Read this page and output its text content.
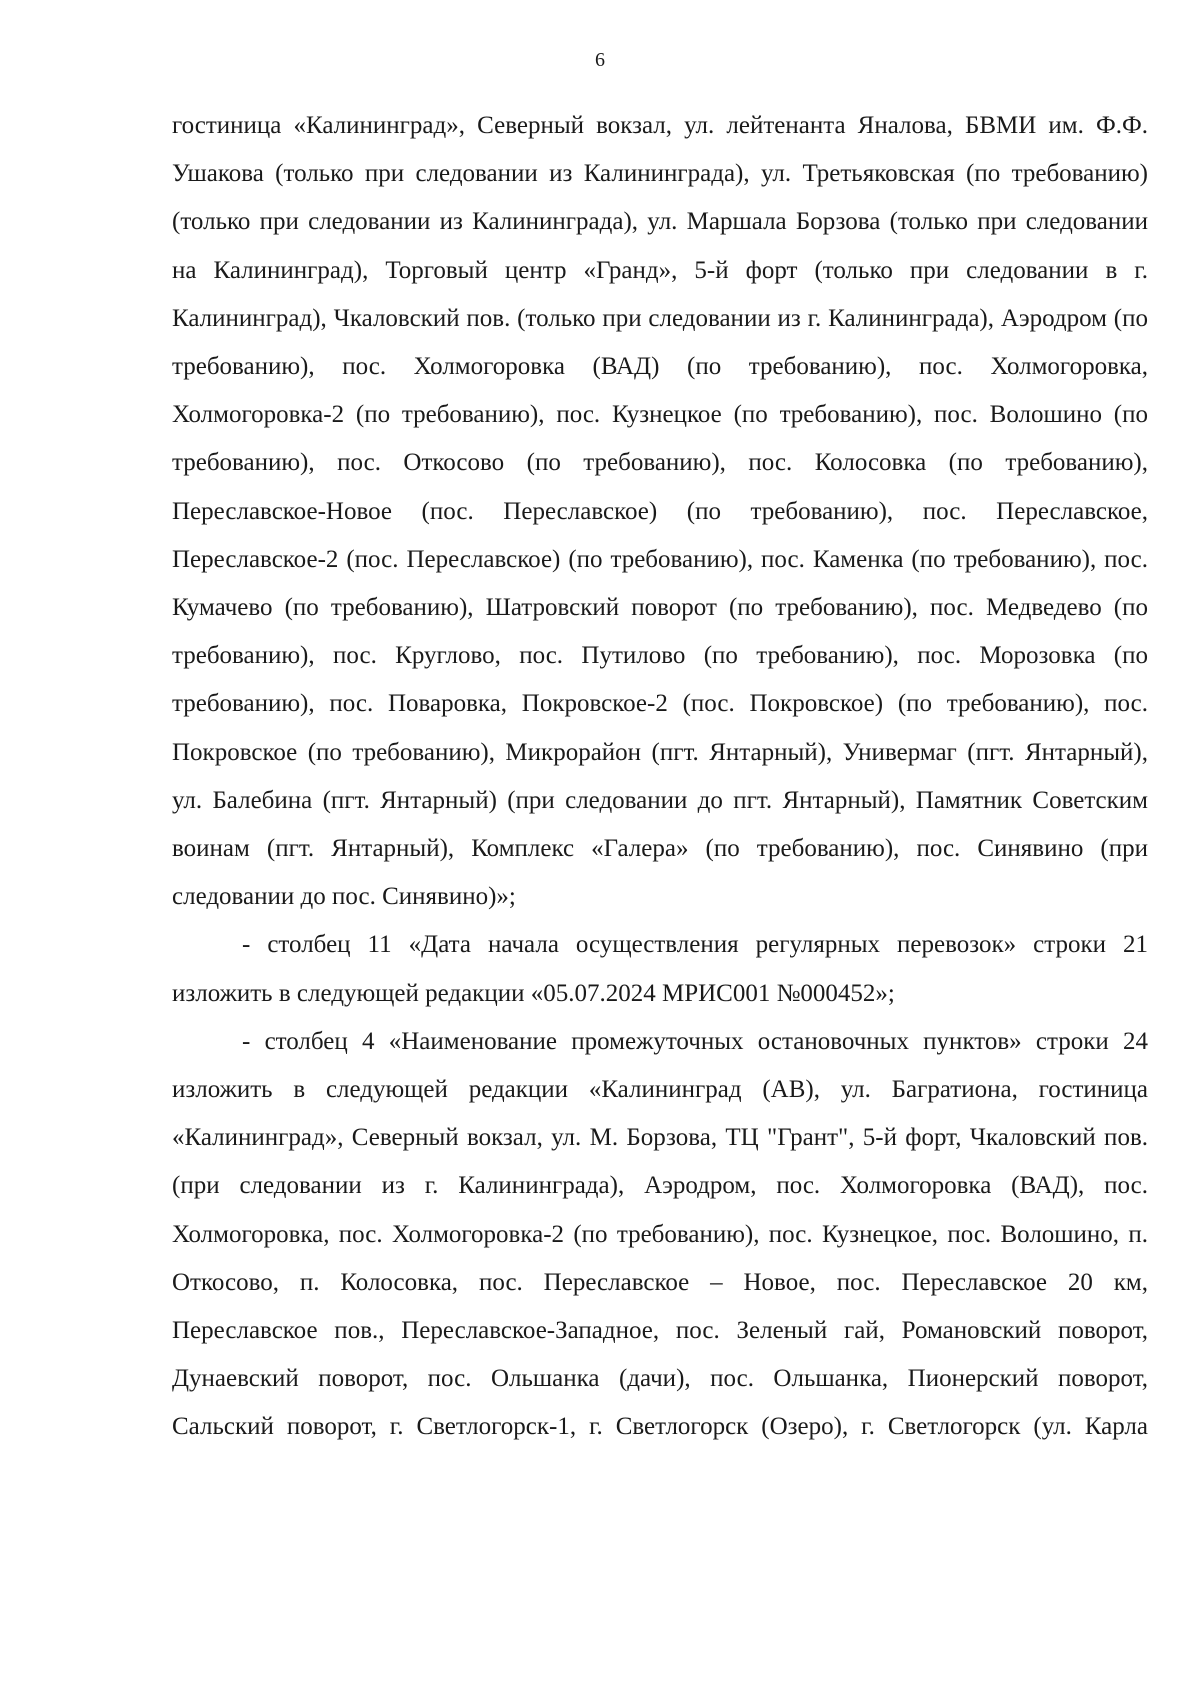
6

гостиница «Калининград», Северный вокзал, ул. лейтенанта Яналова, БВМИ им. Ф.Ф. Ушакова (только при следовании из Калининграда), ул. Третьяковская (по требованию) (только при следовании из Калининграда), ул. Маршала Борзова (только при следовании на Калининград), Торговый центр «Гранд», 5-й форт (только при следовании в г. Калининград), Чкаловский пов. (только при следовании из г. Калининграда), Аэродром (по требованию), пос. Холмогоровка (ВАД) (по требованию), пос. Холмогоровка, Холмогоровка-2 (по требованию), пос. Кузнецкое (по требованию), пос. Волошино (по требованию), пос. Откосово (по требованию), пос. Колосовка (по требованию), Переславское-Новое (пос. Переславское) (по требованию), пос. Переславское, Переславское-2 (пос. Переславское) (по требованию), пос. Каменка (по требованию), пос. Кумачево (по требованию), Шатровский поворот (по требованию), пос. Медведево (по требованию), пос. Круглово, пос. Путилово (по требованию), пос. Морозовка (по требованию), пос. Поваровка, Покровское-2 (пос. Покровское) (по требованию), пос. Покровское (по требованию), Микрорайон (пгт. Янтарный), Универмаг (пгт. Янтарный), ул. Балебина (пгт. Янтарный) (при следовании до пгт. Янтарный), Памятник Советским воинам (пгт. Янтарный), Комплекс «Галера» (по требованию), пос. Синявино (при следовании до пос. Синявино)»;

- столбец 11 «Дата начала осуществления регулярных перевозок» строки 21 изложить в следующей редакции «05.07.2024 МРИС001 №000452»;

- столбец 4 «Наименование промежуточных остановочных пунктов» строки 24 изложить в следующей редакции «Калининград (АВ), ул. Багратиона, гостиница «Калининград», Северный вокзал, ул. М. Борзова, ТЦ "Грант", 5-й форт, Чкаловский пов. (при следовании из г. Калининграда), Аэродром, пос. Холмогоровка (ВАД), пос. Холмогоровка, пос. Холмогоровка-2 (по требованию), пос. Кузнецкое, пос. Волошино, п. Откосово, п. Колосовка, пос. Переславское – Новое, пос. Переславское 20 км, Переславское пов., Переславское-Западное, пос. Зеленый гай, Романовский поворот, Дунаевский поворот, пос. Ольшанка (дачи), пос. Ольшанка, Пионерский поворот, Сальский поворот, г. Светлогорск-1, г. Светлогорск (Озеро), г. Светлогорск (ул. Карла
